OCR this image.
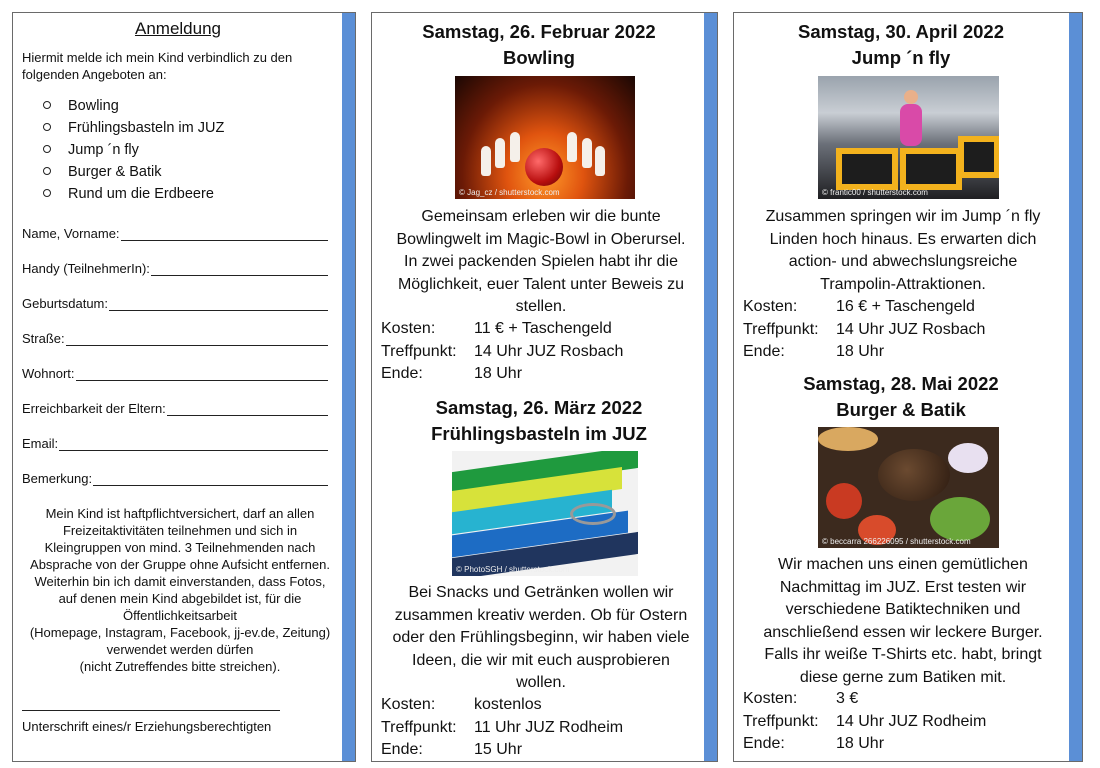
Anmeldung
Hiermit melde ich mein Kind verbindlich zu den folgenden Angeboten an:
Bowling
Frühlingsbasteln im JUZ
Jump ´n fly
Burger & Batik
Rund um die Erdbeere
Name, Vorname:
Handy (TeilnehmerIn):
Geburtsdatum:
Straße:
Wohnort:
Erreichbarkeit der Eltern:
Email:
Bemerkung:
Mein Kind ist haftpflichtversichert, darf an allen
Freizeitaktivitäten teilnehmen und sich in
Kleingruppen von mind. 3 Teilnehmenden nach
Absprache von der Gruppe ohne Aufsicht entfernen.
Weiterhin bin ich damit einverstanden, dass Fotos,
auf denen mein Kind abgebildet ist, für die
Öffentlichkeitsarbeit
(Homepage, Instagram, Facebook, jj-ev.de, Zeitung)
verwendet werden dürfen
(nicht Zutreffendes bitte streichen).
Unterschrift eines/r Erziehungsberechtigten
Samstag, 26. Februar 2022
Bowling
© Jag_cz / shutterstock.com
Gemeinsam erleben wir die bunte
Bowlingwelt im Magic-Bowl in Oberursel.
In zwei packenden Spielen habt ihr die
Möglichkeit, euer Talent unter Beweis zu
stellen.
Kosten:	11 € + Taschengeld
Treffpunkt:	14 Uhr JUZ Rosbach
Ende:	18 Uhr
Samstag, 26. März 2022
Frühlingsbasteln im JUZ
© PhotoSGH / shutterstock.com
Bei Snacks und Getränken wollen wir
zusammen kreativ werden. Ob für Ostern
oder den Frühlingsbeginn, wir haben viele
Ideen, die wir mit euch ausprobieren
wollen.
Kosten:	kostenlos
Treffpunkt:	11 Uhr JUZ Rodheim
Ende:	15 Uhr
Samstag, 30. April 2022
Jump ´n fly
© frantic00 / shutterstock.com
Zusammen springen wir im Jump ´n fly
Linden hoch hinaus. Es erwarten dich
action- und abwechslungsreiche
Trampolin-Attraktionen.
Kosten:	16 € + Taschengeld
Treffpunkt:	14 Uhr JUZ Rosbach
Ende:	18 Uhr
Samstag, 28. Mai 2022
Burger & Batik
© beccarra 266226095 / shutterstock.com
Wir machen uns einen gemütlichen
Nachmittag im JUZ. Erst testen wir
verschiedene Batiktechniken und
anschließend essen wir leckere Burger.
Falls ihr weiße T-Shirts etc. habt, bringt
diese gerne zum Batiken mit.
Kosten:	3 €
Treffpunkt:	14 Uhr JUZ Rodheim
Ende:	18 Uhr
